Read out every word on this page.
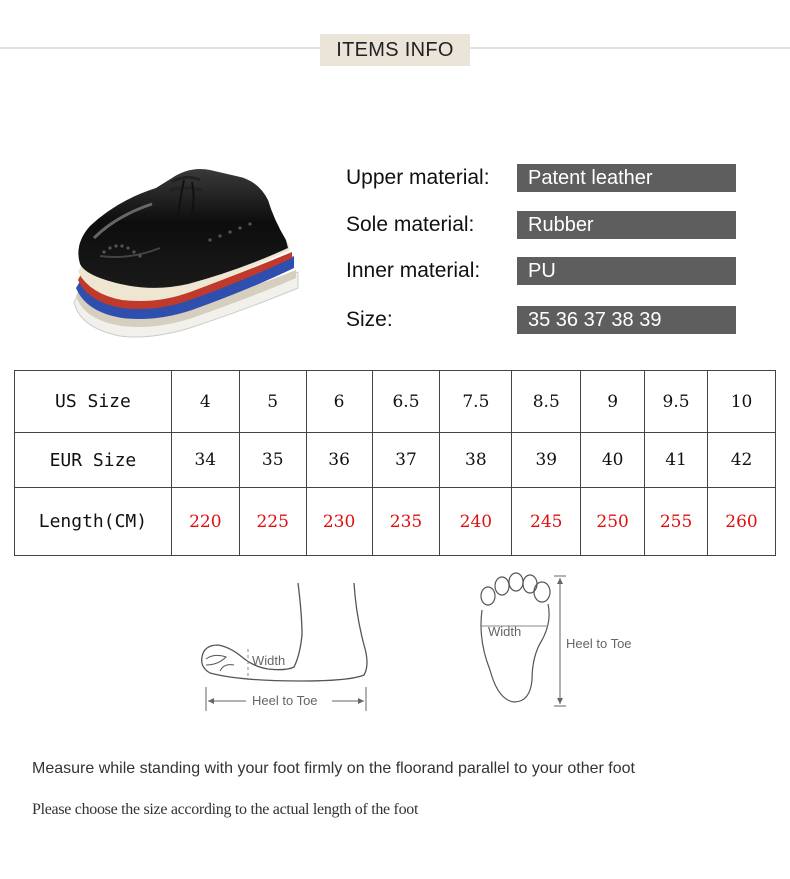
ITEMS INFO
Upper material:	Patent leather
Sole material:	Rubber
Inner material:	PU
Size:	35 36 37 38 39
US Size	4	5	6	6.5	7.5	8.5	9	9.5	10
EUR Size	34	35	36	37	38	39	40	41	42
Length(CM)	220	225	230	235	240	245	250	255	260
Width
Heel to Toe
Width
Heel to Toe
Measure while standing with your foot firmly on the floorand parallel to your other foot
Please choose the size according to the actual length of the foot
